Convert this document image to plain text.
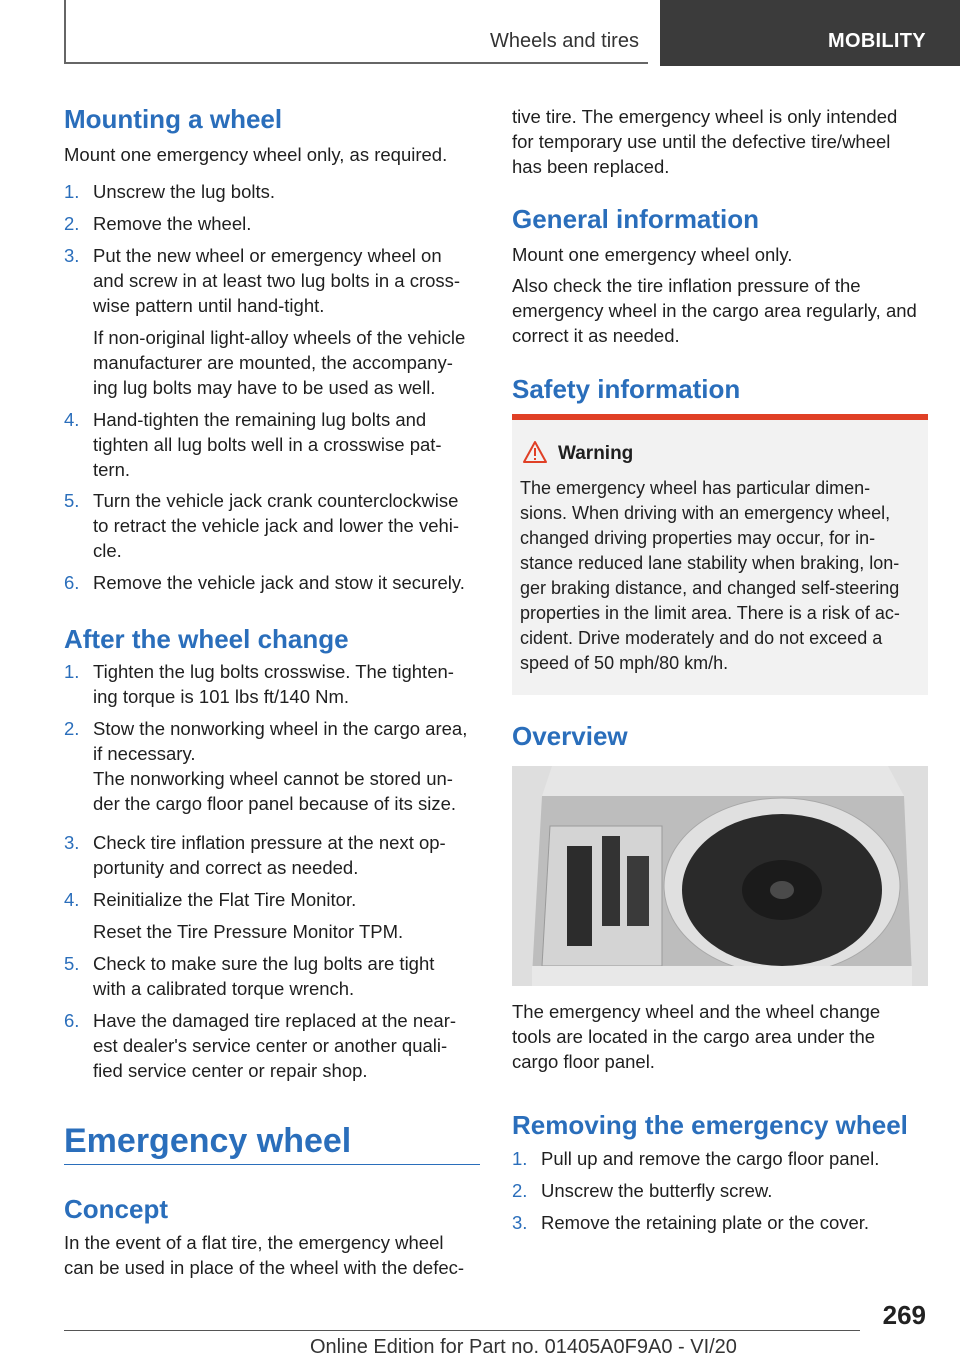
Wheels and tires	MOBILITY
Mounting a wheel
Mount one emergency wheel only, as required.
1. Unscrew the lug bolts.
2. Remove the wheel.
3. Put the new wheel or emergency wheel on
and screw in at least two lug bolts in a cross-
wise pattern until hand-tight.
If non-original light-alloy wheels of the vehicle
manufacturer are mounted, the accompany-
ing lug bolts may have to be used as well.
4. Hand-tighten the remaining lug bolts and
tighten all lug bolts well in a crosswise pat-
tern.
5. Turn the vehicle jack crank counterclockwise
to retract the vehicle jack and lower the vehi-
cle.
6. Remove the vehicle jack and stow it securely.
After the wheel change
1. Tighten the lug bolts crosswise. The tighten-
ing torque is 101 lbs ft/140 Nm.
2. Stow the nonworking wheel in the cargo area,
if necessary.
The nonworking wheel cannot be stored un-
der the cargo floor panel because of its size.
3. Check tire inflation pressure at the next op-
portunity and correct as needed.
4. Reinitialize the Flat Tire Monitor.
Reset the Tire Pressure Monitor TPM.
5. Check to make sure the lug bolts are tight
with a calibrated torque wrench.
6. Have the damaged tire replaced at the near-
est dealer's service center or another quali-
fied service center or repair shop.
Emergency wheel
Concept
In the event of a flat tire, the emergency wheel
can be used in place of the wheel with the defec-
tive tire. The emergency wheel is only intended
for temporary use until the defective tire/wheel
has been replaced.
General information
Mount one emergency wheel only.
Also check the tire inflation pressure of the
emergency wheel in the cargo area regularly, and
correct it as needed.
Safety information
Warning
The emergency wheel has particular dimen-
sions. When driving with an emergency wheel,
changed driving properties may occur, for in-
stance reduced lane stability when braking, lon-
ger braking distance, and changed self-steering
properties in the limit area. There is a risk of ac-
cident. Drive moderately and do not exceed a
speed of 50 mph/80 km/h.
Overview
The emergency wheel and the wheel change
tools are located in the cargo area under the
cargo floor panel.
Removing the emergency wheel
1. Pull up and remove the cargo floor panel.
2. Unscrew the butterfly screw.
3. Remove the retaining plate or the cover.
269
Online Edition for Part no. 01405A0F9A0 - VI/20
